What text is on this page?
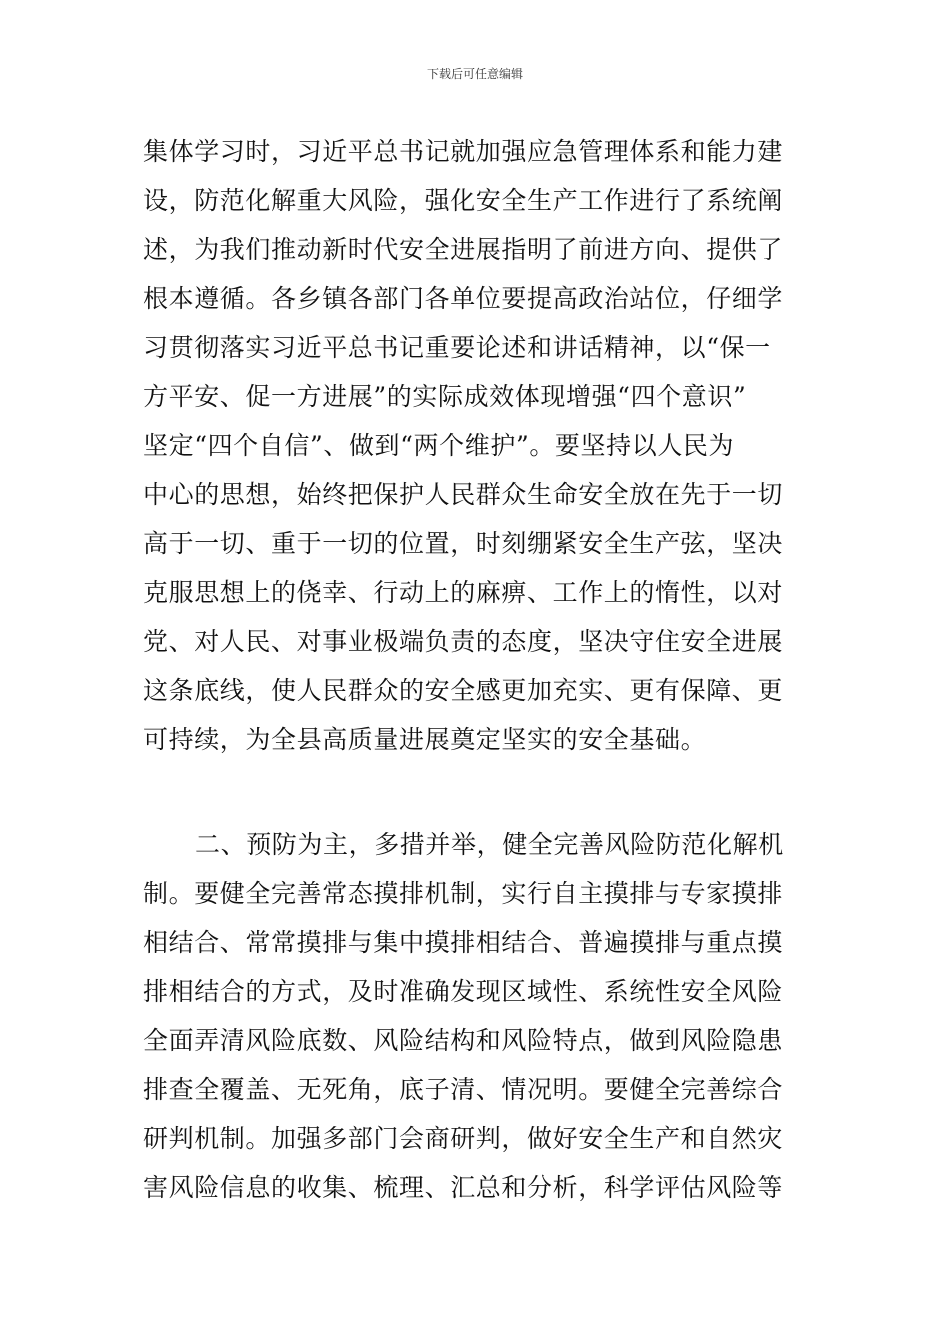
下载后可任意编辑
集体学习时，习近平总书记就加强应急管理体系和能力建
设，防范化解重大风险，强化安全生产工作进行了系统阐
述，为我们推动新时代安全进展指明了前进方向、提供了
根本遵循。各乡镇各部门各单位要提高政治站位，仔细学
习贯彻落实习近平总书记重要论述和讲话精神，以“保一
方平安、促一方进展”的实际成效体现增强“四个意识”
坚定“四个自信”、做到“两个维护”。要坚持以人民为
中心的思想，始终把保护人民群众生命安全放在先于一切
高于一切、重于一切的位置，时刻绷紧安全生产弦，坚决
克服思想上的侥幸、行动上的麻痹、工作上的惰性，以对
党、对人民、对事业极端负责的态度，坚决守住安全进展
这条底线，使人民群众的安全感更加充实、更有保障、更
可持续，为全县高质量进展奠定坚实的安全基础。
二、预防为主，多措并举，健全完善风险防范化解机
制。要健全完善常态摸排机制，实行自主摸排与专家摸排
相结合、常常摸排与集中摸排相结合、普遍摸排与重点摸
排相结合的方式，及时准确发现区域性、系统性安全风险
全面弄清风险底数、风险结构和风险特点，做到风险隐患
排查全覆盖、无死角，底子清、情况明。要健全完善综合
研判机制。加强多部门会商研判，做好安全生产和自然灾
害风险信息的收集、梳理、汇总和分析，科学评估风险等
